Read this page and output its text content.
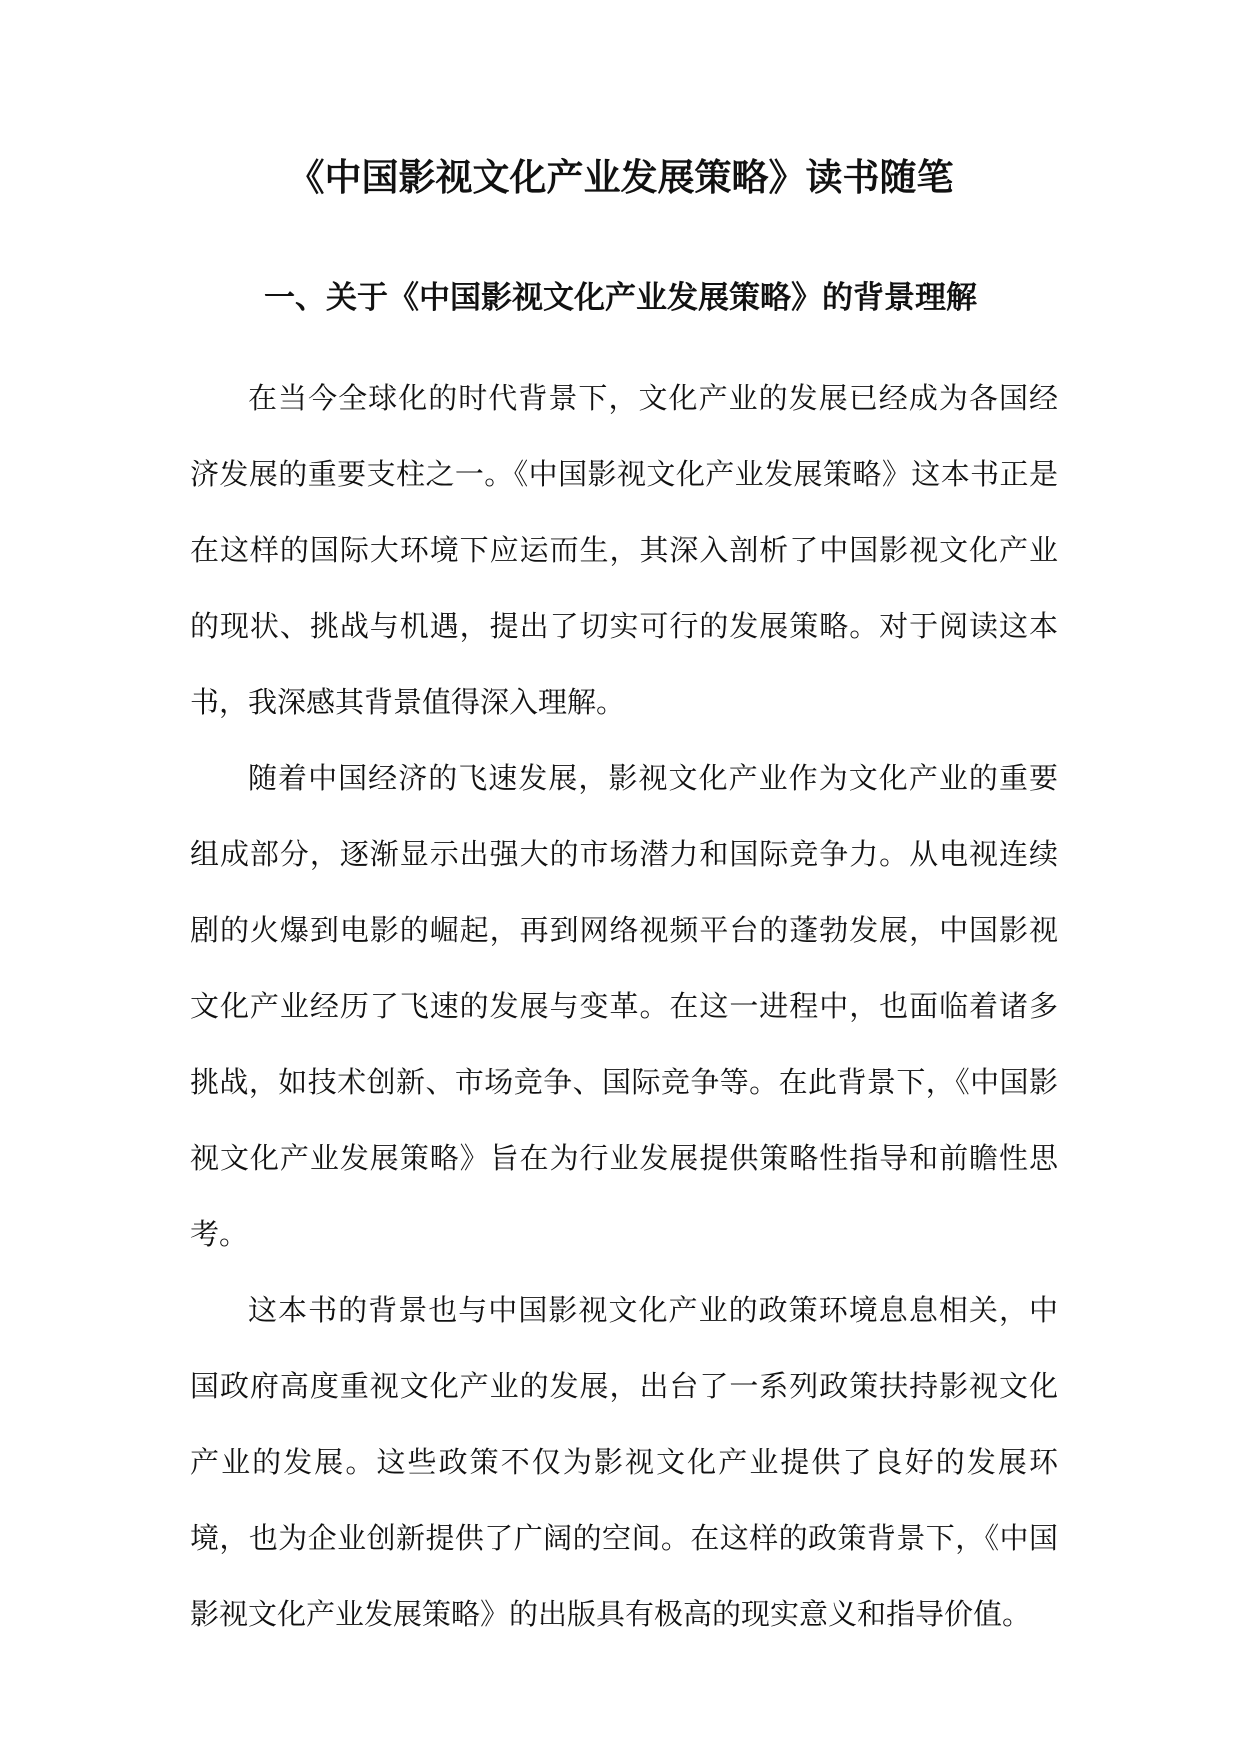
《中国影视文化产业发展策略》读书随笔
一、关于《中国影视文化产业发展策略》的背景理解

在当今全球化的时代背景下，文化产业的发展已经成为各国经济发展的重要支柱之一。《中国影视文化产业发展策略》这本书正是在这样的国际大环境下应运而生，其深入剖析了中国影视文化产业的现状、挑战与机遇，提出了切实可行的发展策略。对于阅读这本书，我深感其背景值得深入理解。

随着中国经济的飞速发展，影视文化产业作为文化产业的重要组成部分，逐渐显示出强大的市场潜力和国际竞争力。从电视连续剧的火爆到电影的崛起，再到网络视频平台的蓬勃发展，中国影视文化产业经历了飞速的发展与变革。在这一进程中，也面临着诸多挑战，如技术创新、市场竞争、国际竞争等。在此背景下，《中国影视文化产业发展策略》旨在为行业发展提供策略性指导和前瞻性思考。

这本书的背景也与中国影视文化产业的政策环境息息相关，中国政府高度重视文化产业的发展，出台了一系列政策扶持影视文化产业的发展。这些政策不仅为影视文化产业提供了良好的发展环境，也为企业创新提供了广阔的空间。在这样的政策背景下，《中国影视文化产业发展策略》的出版具有极高的现实意义和指导价值。
